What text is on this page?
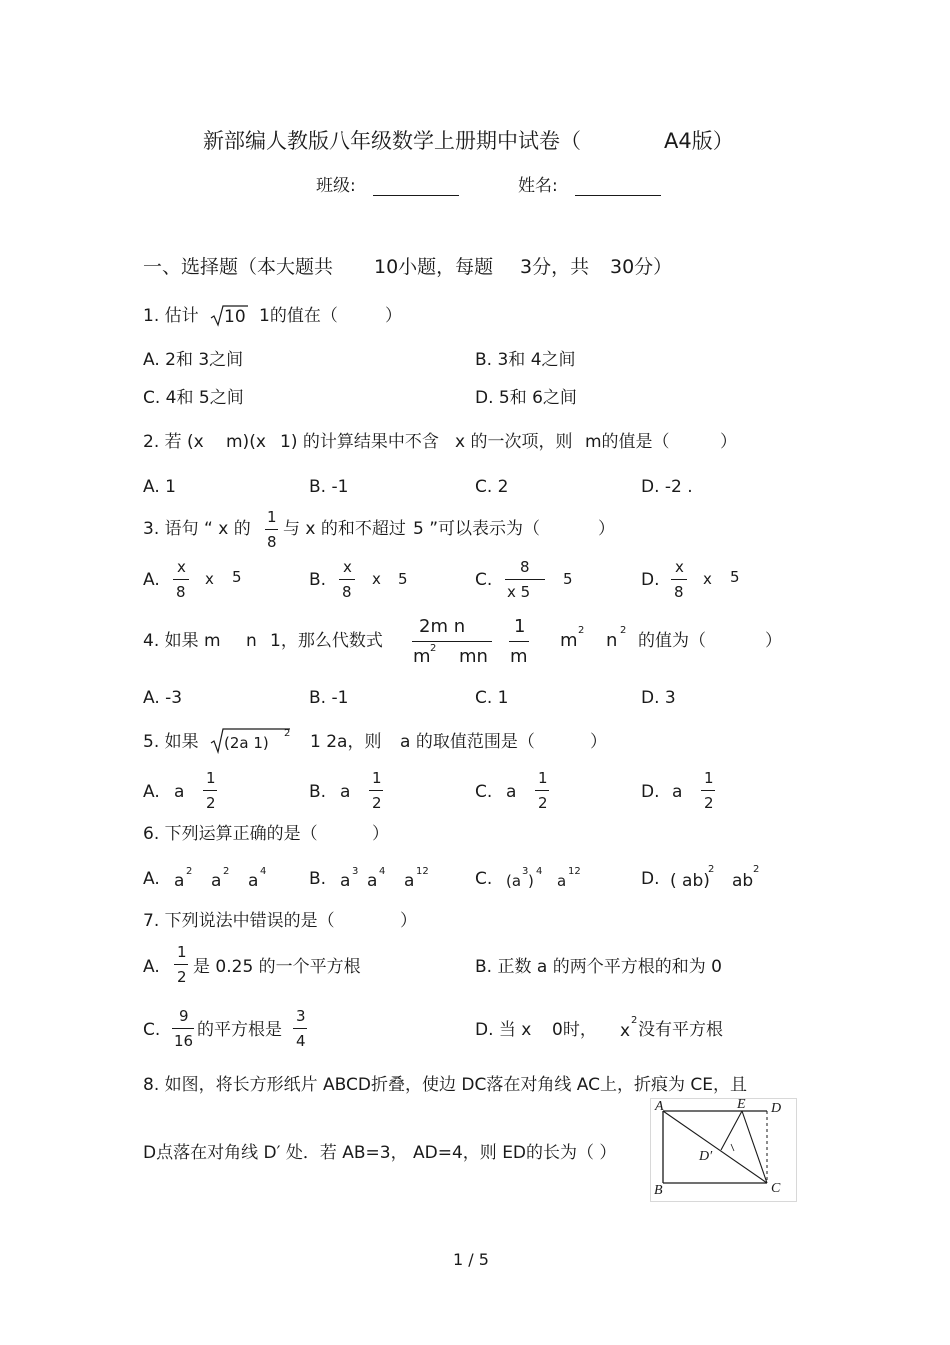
新部编人教版八年级数学上册期中试卷（	A4版）
班级:	姓名:
一、选择题（本大题共 10小题，每题 3分，共 30分）
1. 估计 10 1的值在（	）
A. 2和 3之间	B. 3和 4之间
C. 4和 5之间	D. 5和 6之间
2. 若 (x m)(x 1) 的计算结果中不含 x 的一次项，则 m的值是（	）
A. 1	B. -1	C. 2	D. -2 .
3. 语句 “ x 的
1
8
与 x 的和不超过 5 ”可以表示为（	）
A.
x
8
x 5	B.
x
8
x 5	C.
8
x 5
5	D.
x
8
x 5
4. 如果 m n 1，那么代数式
2m n
m 2 mn
1
m
m 2 n 2
的值为（	）
A. -3	B. -1	C. 1	D. 3
5. 如果 (2a 1)
2 1 2a，则 a 的取值范围是（	）
A. a
1
2
B. a
1
2
C. a
1
2
D. a
1
2
6. 下列运算正确的是（	）
A. a 2 a 2 a 4	B. a 3 a 4 a 12	C. (a
3
)
4
a
12	D. ( ab)
2
ab
2
7. 下列说法中错误的是（	）
A.
1
2 是 0.25 的一个平方根	B. 正数 a 的两个平方根的和为 0
C.
9
16
的平方根是
3
4
D. 当 x 0时， x
2 没有平方根
8. 如图，将长方形纸片 ABCD折叠，使边 DC落在对角线 AC上，折痕为 CE，且
D点落在对角线 D′ 处．若 AB=3， AD=4，则 ED的长为（ ）
A	E D
D′
B	C
1 / 5
